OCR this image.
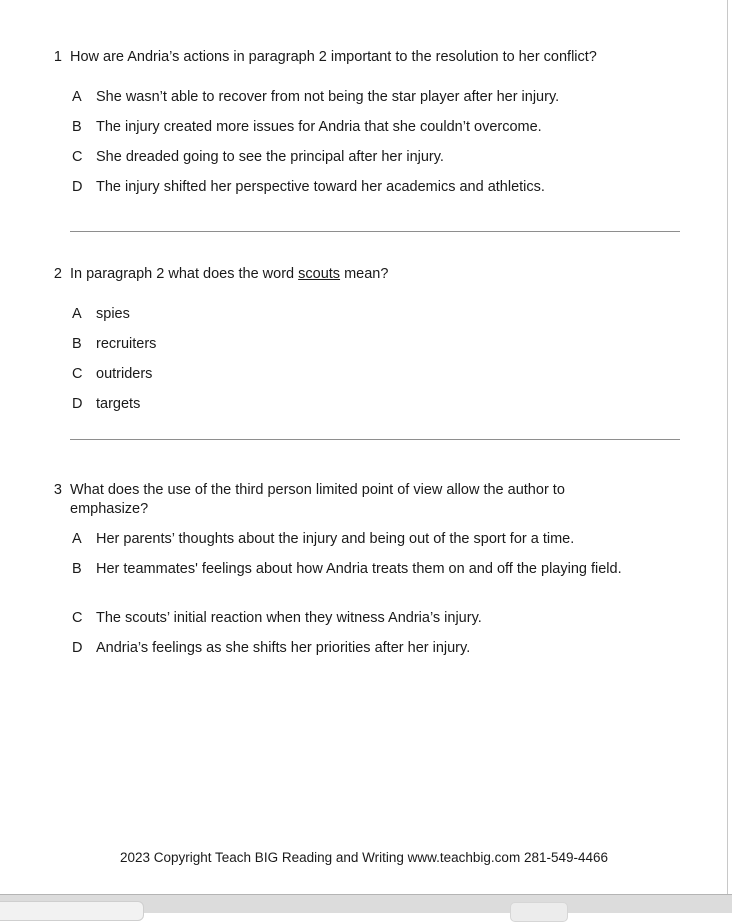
1 How are Andria’s actions in paragraph 2 important to the resolution to her conflict?
A She wasn’t able to recover from not being the star player after her injury.
B The injury created more issues for Andria that she couldn’t overcome.
C She dreaded going to see the principal after her injury.
D The injury shifted her perspective toward her academics and athletics.
2 In paragraph 2 what does the word scouts mean?
A spies
B recruiters
C outriders
D targets
3 What does the use of the third person limited point of view allow the author to emphasize?
A Her parents’ thoughts about the injury and being out of the sport for a time.
B Her teammates' feelings about how Andria treats them on and off the playing field.
C The scouts’ initial reaction when they witness Andria’s injury.
D Andria’s feelings as she shifts her priorities after her injury.
2023 Copyright Teach BIG Reading and Writing www.teachbig.com 281-549-4466
